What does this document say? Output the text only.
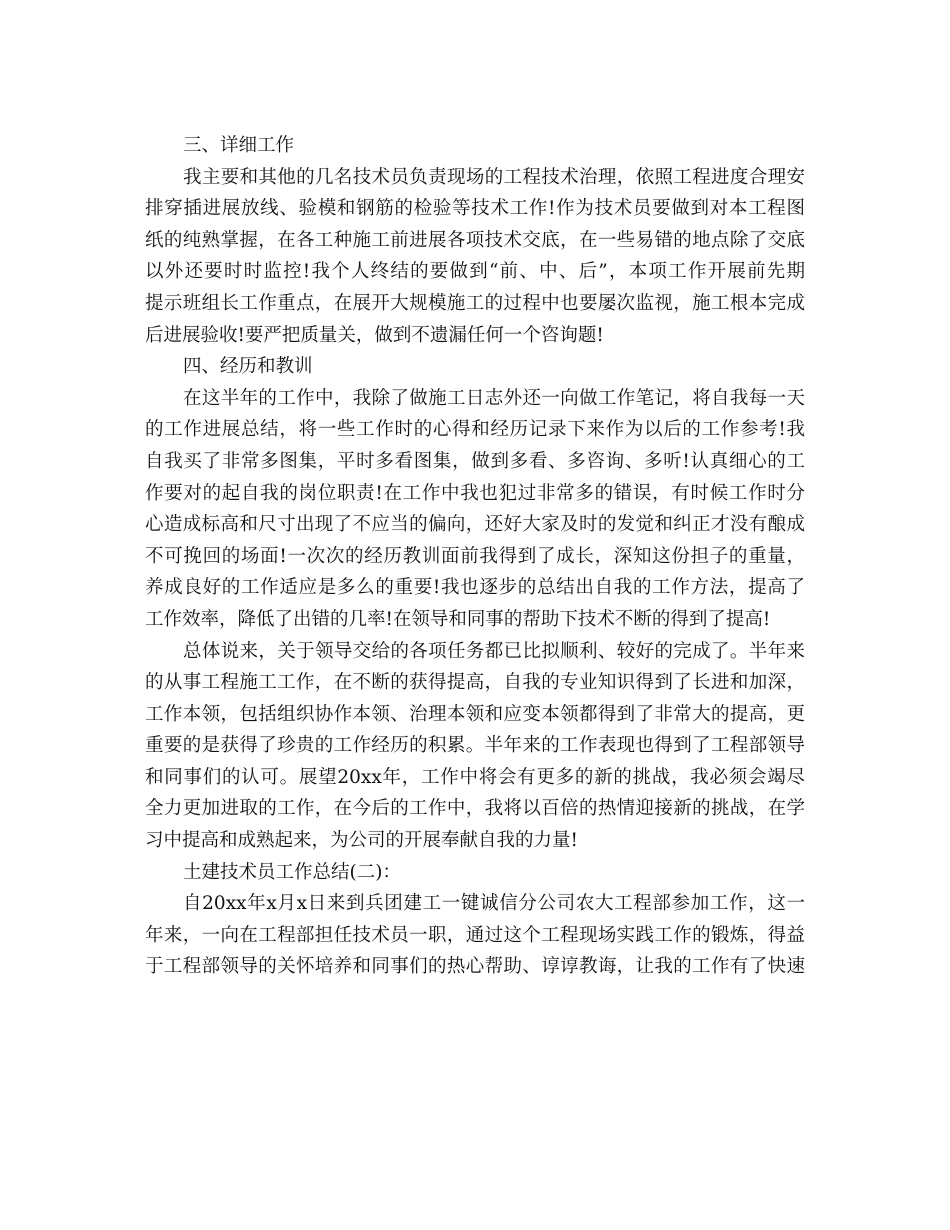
三、详细工作
我主要和其他的几名技术员负责现场的工程技术治理，依照工程进度合理安
排穿插进展放线、验模和钢筋的检验等技术工作!作为技术员要做到对本工程图
纸的纯熟掌握，在各工种施工前进展各项技术交底，在一些易错的地点除了交底
以外还要时时监控!我个人终结的要做到“前、中、后”，本项工作开展前先期
提示班组长工作重点，在展开大规模施工的过程中也要屡次监视，施工根本完成
后进展验收!要严把质量关，做到不遗漏任何一个咨询题!
四、经历和教训
在这半年的工作中，我除了做施工日志外还一向做工作笔记，将自我每一天
的工作进展总结，将一些工作时的心得和经历记录下来作为以后的工作参考!我
自我买了非常多图集，平时多看图集，做到多看、多咨询、多听!认真细心的工
作要对的起自我的岗位职责!在工作中我也犯过非常多的错误，有时候工作时分
心造成标高和尺寸出现了不应当的偏向，还好大家及时的发觉和纠正才没有酿成
不可挽回的场面!一次次的经历教训面前我得到了成长，深知这份担子的重量，
养成良好的工作适应是多么的重要!我也逐步的总结出自我的工作方法，提高了
工作效率，降低了出错的几率!在领导和同事的帮助下技术不断的得到了提高!
总体说来，关于领导交给的各项任务都已比拟顺利、较好的完成了。半年来
的从事工程施工工作，在不断的获得提高，自我的专业知识得到了长进和加深，
工作本领，包括组织协作本领、治理本领和应变本领都得到了非常大的提高，更
重要的是获得了珍贵的工作经历的积累。半年来的工作表现也得到了工程部领导
和同事们的认可。展望20xx年，工作中将会有更多的新的挑战，我必须会竭尽
全力更加进取的工作，在今后的工作中，我将以百倍的热情迎接新的挑战，在学
习中提高和成熟起来，为公司的开展奉献自我的力量!
土建技术员工作总结(二)：
自20xx年x月x日来到兵团建工一键诚信分公司农大工程部参加工作，这一
年来，一向在工程部担任技术员一职，通过这个工程现场实践工作的锻炼，得益
于工程部领导的关怀培养和同事们的热心帮助、谆谆教诲，让我的工作有了快速
